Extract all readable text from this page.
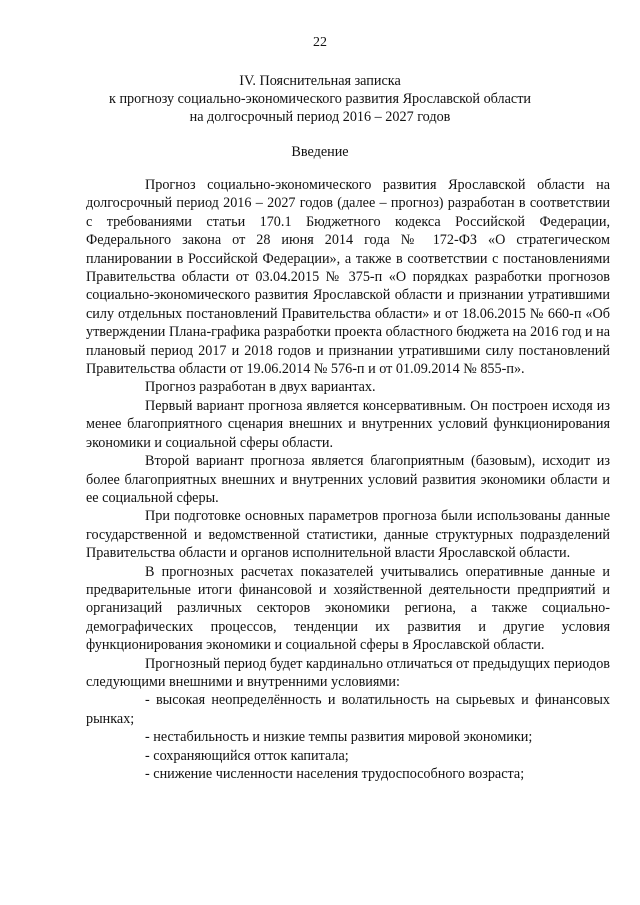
22
IV. Пояснительная записка
к прогнозу социально-экономического развития Ярославской области
на долгосрочный период 2016 – 2027 годов
Введение

Прогноз социально-экономического развития Ярославской области на долгосрочный период 2016 – 2027 годов (далее – прогноз) разработан в соответствии с требованиями статьи 170.1 Бюджетного кодекса Российской Федерации, Федерального закона от 28 июня 2014 года № 172-ФЗ «О стратегическом планировании в Российской Федерации», а также в соответствии с постановлениями Правительства области от 03.04.2015 № 375-п «О порядках разработки прогнозов социально-экономического развития Ярославской области и признании утратившими силу отдельных постановлений Правительства области» и от 18.06.2015 № 660-п «Об утверждении Плана-графика разработки проекта областного бюджета на 2016 год и на плановый период 2017 и 2018 годов и признании утратившими силу постановлений Правительства области от 19.06.2014 № 576-п и от 01.09.2014 № 855-п».

Прогноз разработан в двух вариантах.

Первый вариант прогноза является консервативным. Он построен исходя из менее благоприятного сценария внешних и внутренних условий функционирования экономики и социальной сферы области.

Второй вариант прогноза является благоприятным (базовым), исходит из более благоприятных внешних и внутренних условий развития экономики области и ее социальной сферы.

При подготовке основных параметров прогноза были использованы данные государственной и ведомственной статистики, данные структурных подразделений Правительства области и органов исполнительной власти Ярославской области.

В прогнозных расчетах показателей учитывались оперативные данные и предварительные итоги финансовой и хозяйственной деятельности предприятий и организаций различных секторов экономики региона, а также социально-демографических процессов, тенденции их развития и другие условия функционирования экономики и социальной сферы в Ярославской области.

Прогнозный период будет кардинально отличаться от предыдущих периодов следующими внешними и внутренними условиями:

- высокая неопределённость и волатильность на сырьевых и финансовых рынках;

- нестабильность и низкие темпы развития мировой экономики;

- сохраняющийся отток капитала;

- снижение численности населения трудоспособного возраста;
